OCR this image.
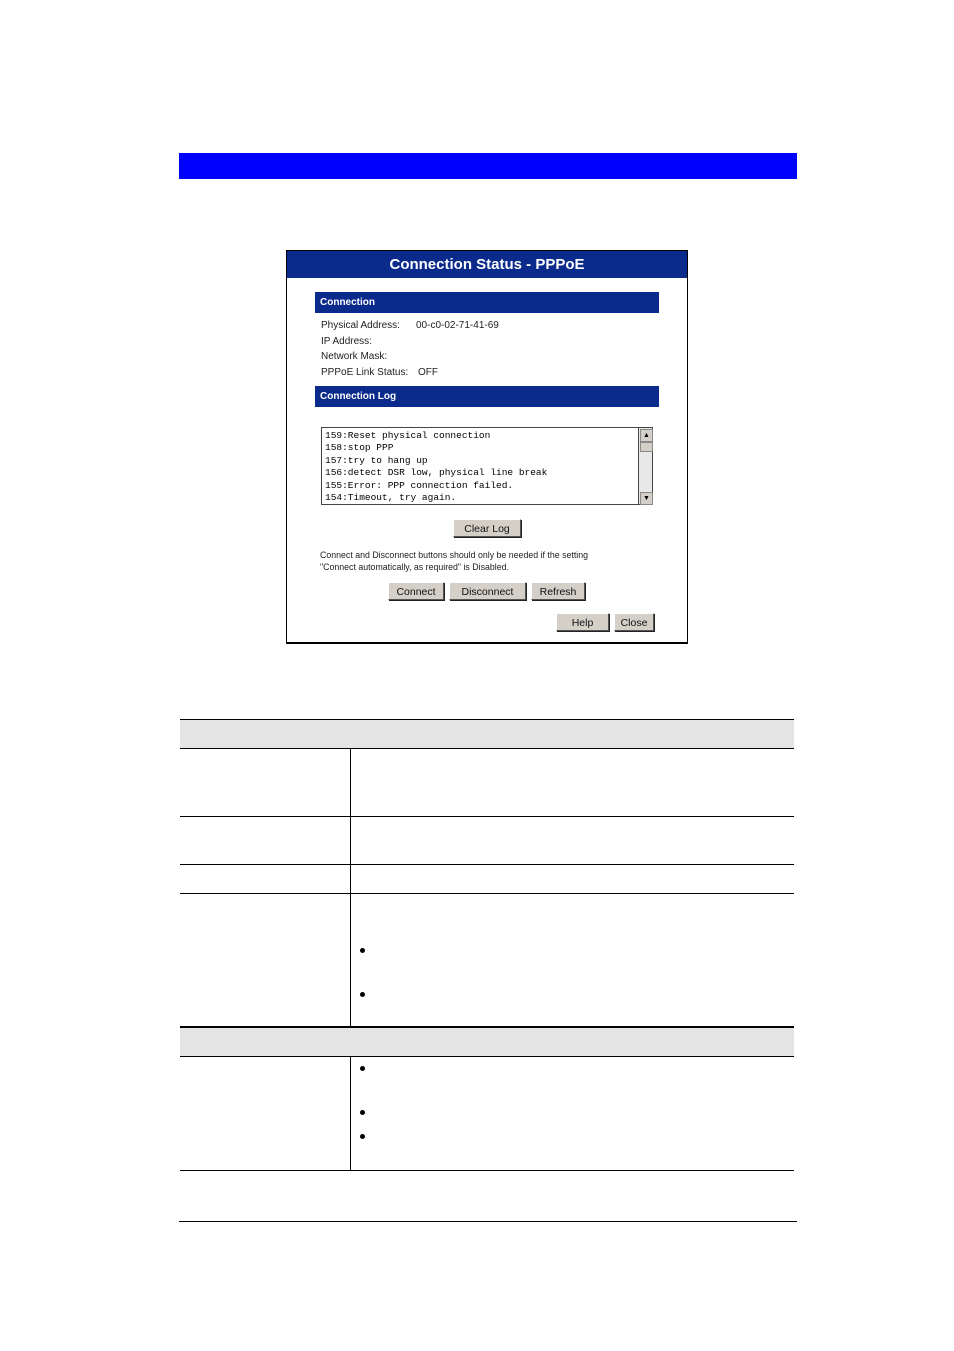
Connection Status - PPPoE
Connection
Physical Address: 00-c0-02-71-41-69
IP Address:
Network Mask:
PPPoE Link Status: OFF
Connection Log
159:Reset physical connection
158:stop PPP
157:try to hang up
156:detect DSR low, physical line break
155:Error: PPP connection failed.
154:Timeout, try again.
▲
▼
Clear Log
Connect and Disconnect buttons should only be needed if the setting
"Connect automatically, as required" is Disabled.
Connect	Disconnect	Refresh
Help	Close
